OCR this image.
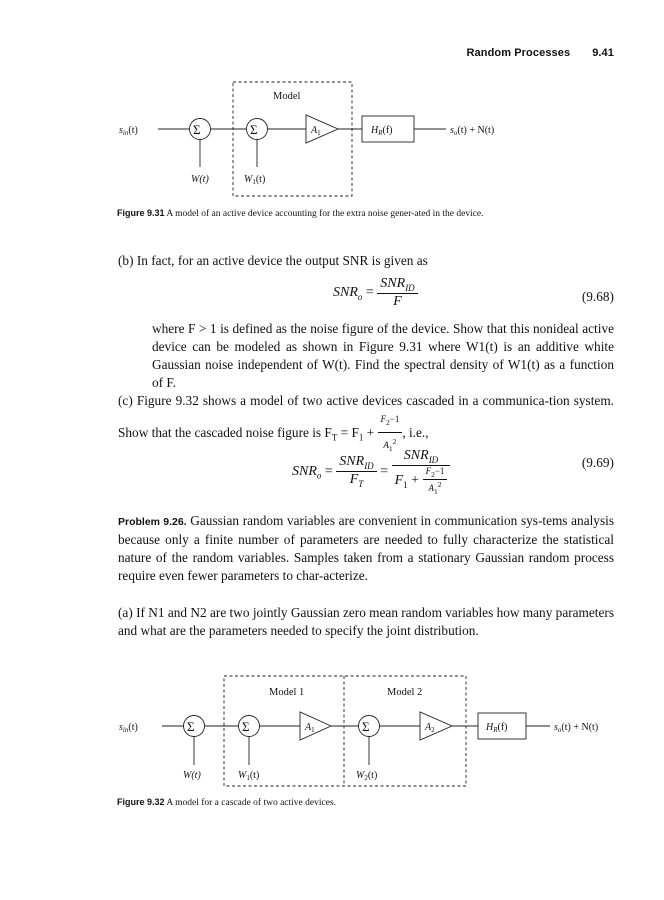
Random Processes 9.41
Model
$s_{in}(t)$	Σ	Σ	$A_1$	$H_R(f)$	$s_o(t) + N(t)$
W(t)	$W_1(t)$
Figure 9.31 A model of an active device accounting for the extra noise gener-ated in the device.
(b) In fact, for an active device the output SNR is given as
$SNR_o = \frac{SNR_{ID}}{F}$	(9.68)
where F > 1 is defined as the noise figure of the device. Show that this nonideal active device can be modeled as shown in Figure 9.31 where W1(t) is an additive white Gaussian noise independent of W(t). Find the spectral density of W1(t) as a function of F.
(c) Figure 9.32 shows a model of two active devices cascaded in a communica-tion system. Show that the cascaded noise figure is $F_T = F_1 + \frac{F_2-1}{A_1^2}$ , i.e.,
$SNR_o = \frac{SNR_{ID}}{F_T} = \frac{SNR_{ID}}{F_1 + \frac{F_2-1}{A_1^2}}$	(9.69)
Problem 9.26. Gaussian random variables are convenient in communication sys-tems analysis because only a finite number of parameters are needed to fully characterize the statistical nature of the random variables. Samples taken from a stationary Gaussian random process require even fewer parameters to char-acterize.
(a) If N1 and N2 are two jointly Gaussian zero mean random variables how many parameters and what are the parameters needed to specify the joint distribution.
Model 1	Model 2
$s_{in}(t)$	Σ	Σ	Σ
$A_1$	$A_2$	$H_R(f)$	$s_o(t) + N(t)$
W(t)	$W_1(t)$	$W_2(t)$
Figure 9.32 A model for a cascade of two active devices.
